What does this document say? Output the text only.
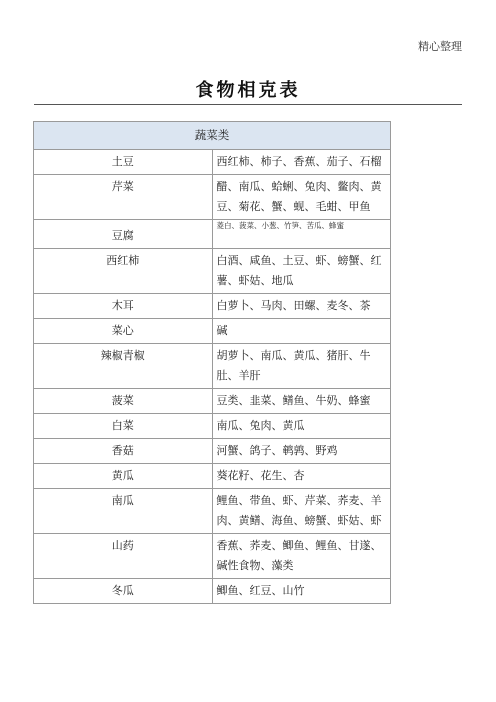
精心整理
食物相克表
蔬菜类	
土豆	西红柿、柿子、香蕉、茄子、石榴
芹菜	醋、南瓜、蛤蜊、兔肉、鳖肉、黄豆、菊花、蟹、蚬、毛蚶、甲鱼
豆腐	菱白、菠菜、小葱、竹笋、苦瓜、蜂蜜
西红柿	白酒、咸鱼、土豆、虾、螃蟹、红薯、虾姑、地瓜
木耳	白萝卜、马肉、田螺、麦冬、茶
菜心	碱
辣椒青椒	胡萝卜、南瓜、黄瓜、猪肝、牛肚、羊肝
菠菜	豆类、韭菜、鳝鱼、牛奶、蜂蜜
白菜	南瓜、兔肉、黄瓜
香菇	河蟹、鸽子、鹌鹑、野鸡
黄瓜	葵花籽、花生、杏
南瓜	鲤鱼、带鱼、虾、芹菜、荞麦、羊肉、黄鳝、海鱼、螃蟹、虾姑、虾
山药	香蕉、荞麦、鲫鱼、鲤鱼、甘遂、碱性食物、藻类
冬瓜	鲫鱼、红豆、山竹
